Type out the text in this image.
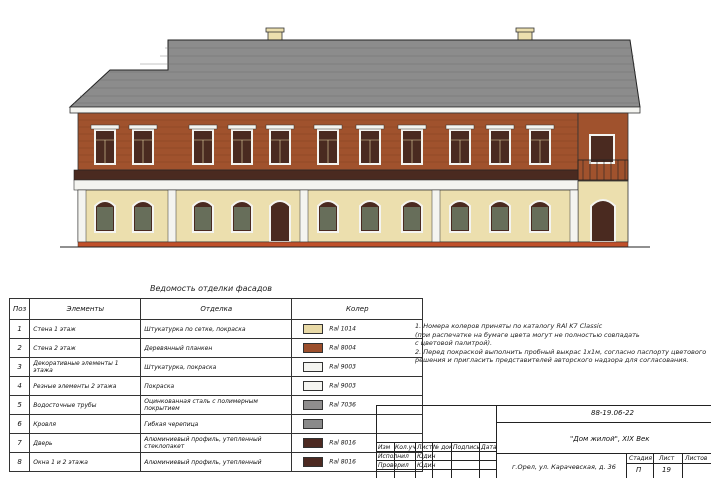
Ведомость отделки фасадов
Поз	Элементы	Отделка	Колер
1	Стена 1 этаж	Штукатурка по сетке, покраска	Ral 1014
2	Стена 2 этаж	Деревянный планкен	Ral 8004
3	Декоративные элементы 1 этажа	Штукатурка, покраска	Ral 9003
4	Резные элементы 2 этажа	Покраска	Ral 9003
5	Водосточные трубы	Оцинкованная сталь с полимерным покрытием	Ral 7036
6	Кровля	Гибкая черепица	
7	Дверь	Алюминиевый профиль, утепленный стеклопакет	Ral 8016
8	Окна 1 и 2 этажа	Алюминиевый профиль, утепленный	Ral 8016
1. Номера колеров приняты по каталогу RAl K7 Classic
(при распечатке на бумаге цвета могут не полностью совпадать
с цветовой палитрой).
2. Перед покраской выполнить пробный выкрас 1х1м, согласно паспорту цветового
решения и пригласить представителей авторского надзора для согласования.
88-19.06-22
"Дом жилой", XIX Век
г.Орел, ул. Карачевская, д. 36
Изм Кол.уч Лист № док.
Подпись Дата
Исполнил Юдин
Проверил Юдин
Стадия Лист Листов
П	19
